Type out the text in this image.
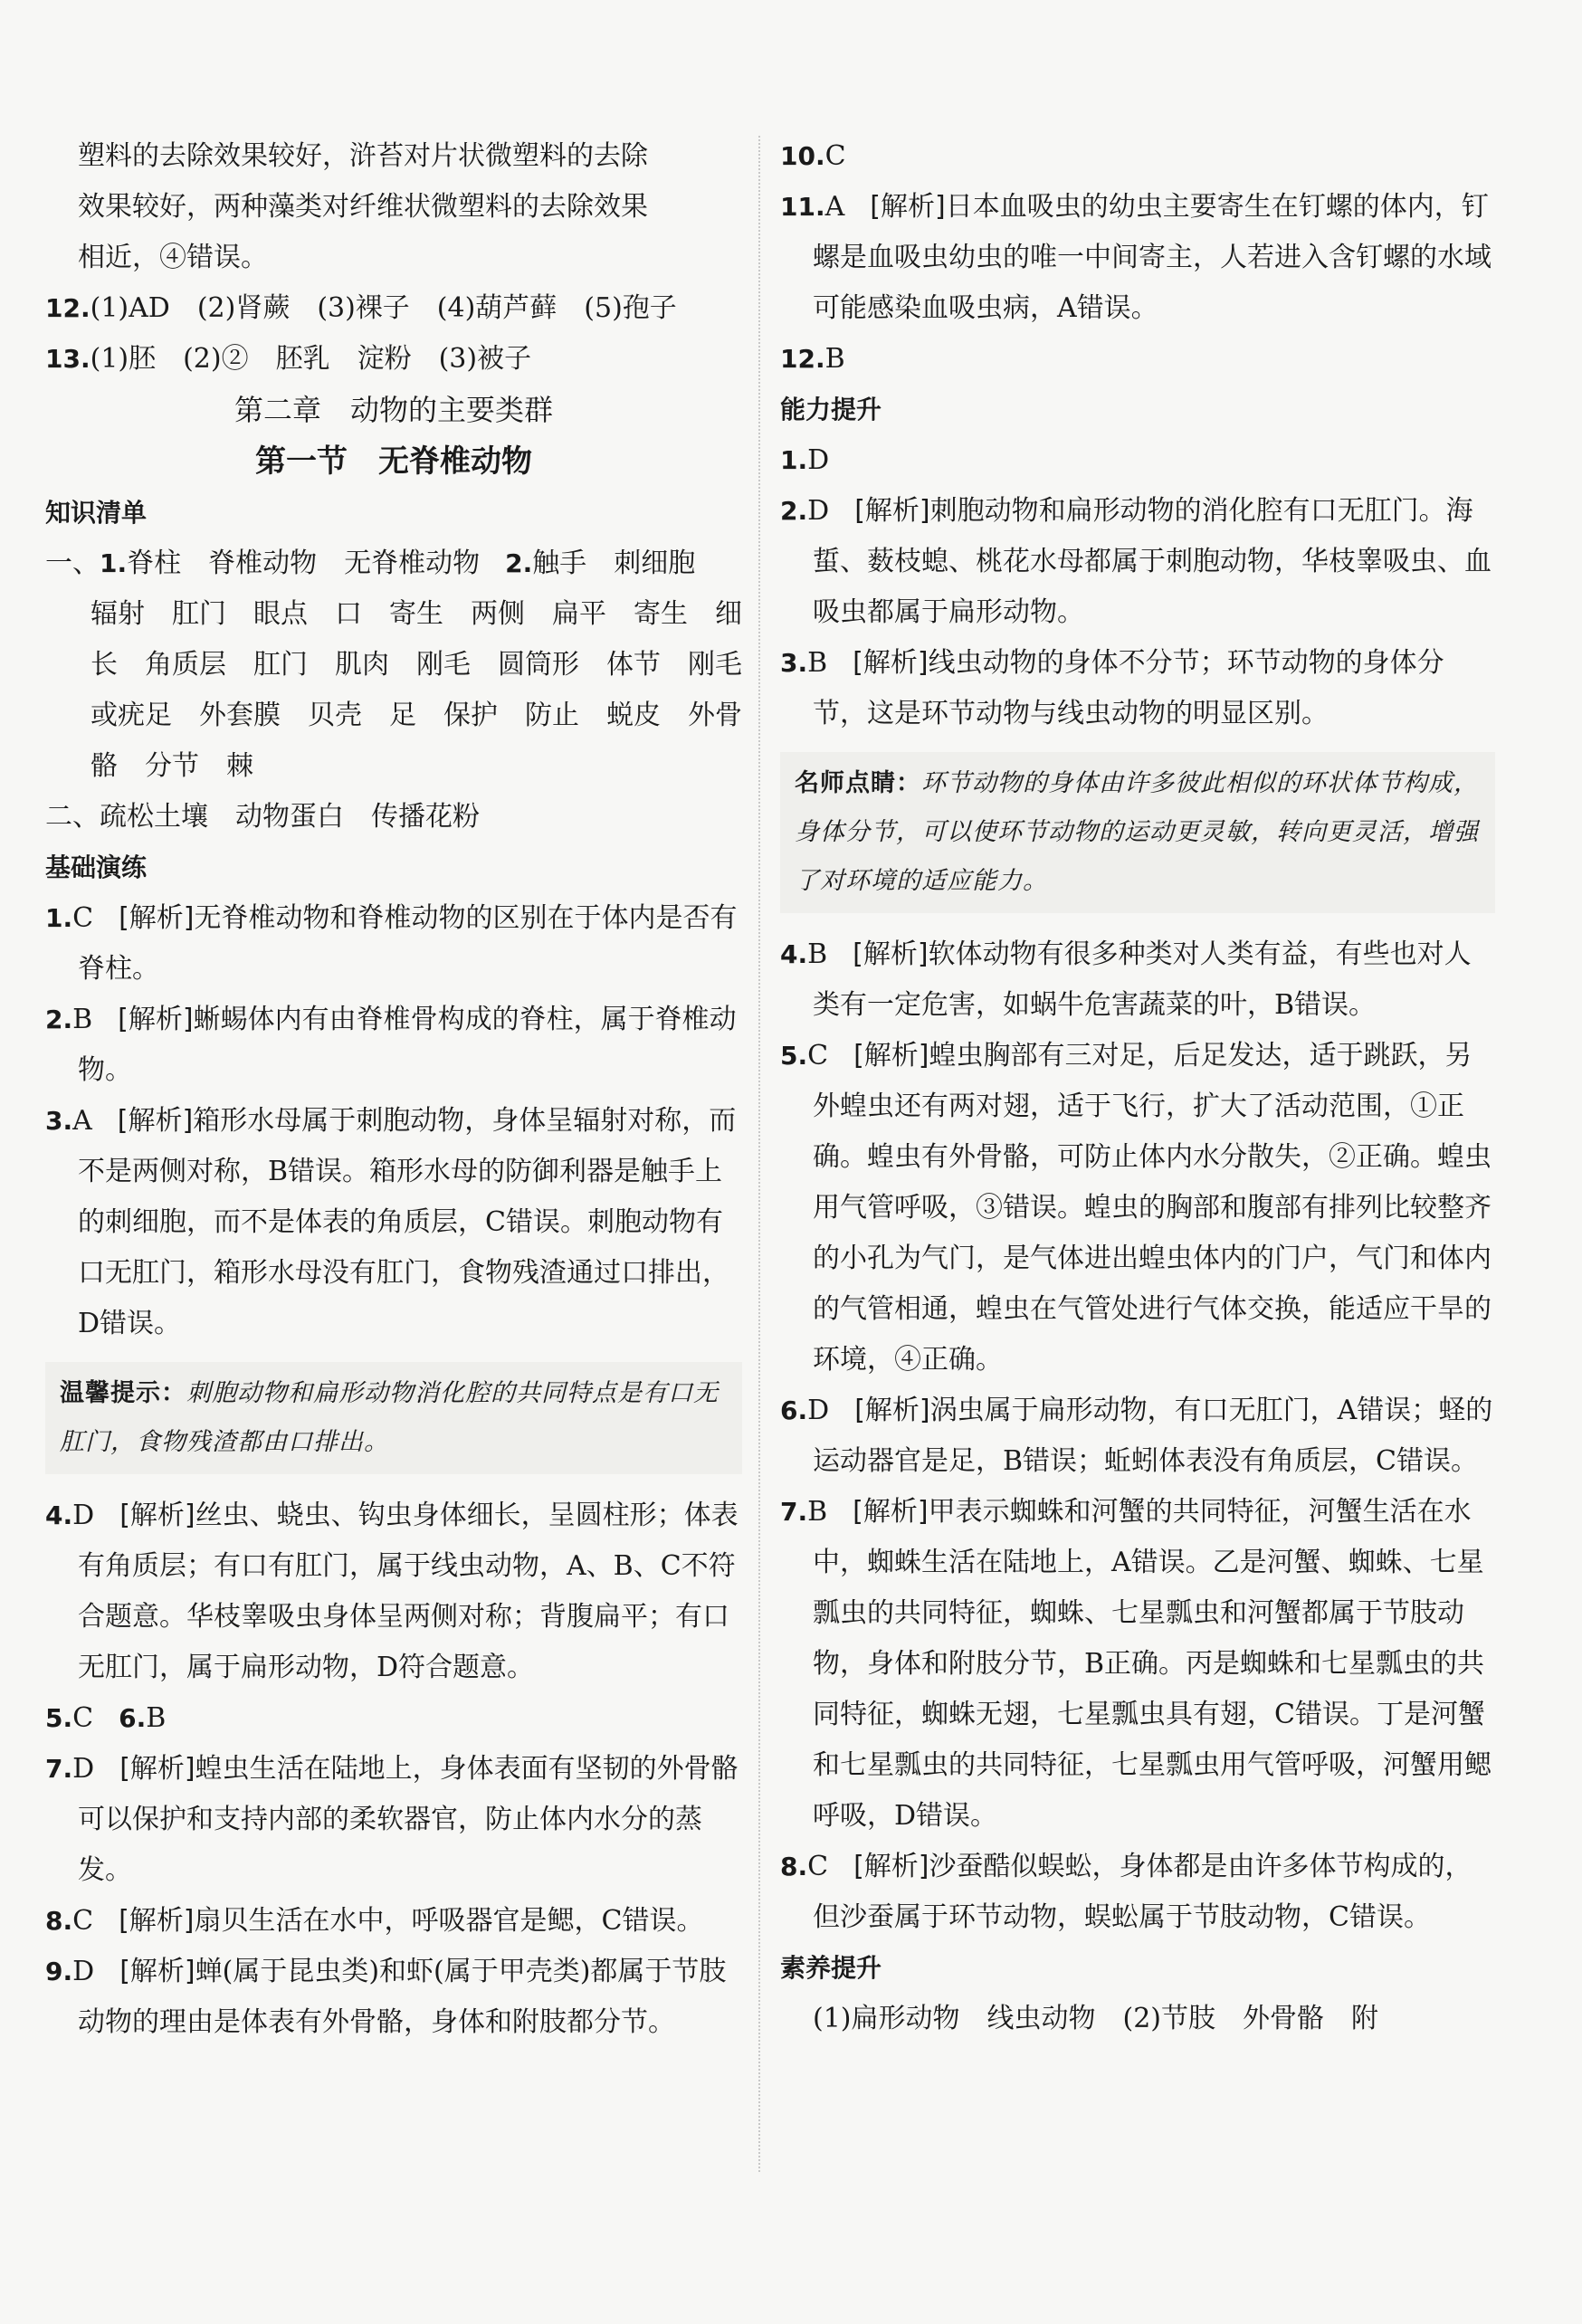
塑料的去除效果较好，浒苔对片状微塑料的去除

效果较好，两种藻类对纤维状微塑料的去除效果

相近，④错误。

12.(1)AD　(2)肾蕨　(3)裸子　(4)葫芦藓　(5)孢子

13.(1)胚　(2)②　胚乳　淀粉　(3)被子

第二章　动物的主要类群

第一节　无脊椎动物

知识清单

一、1.脊柱　脊椎动物　无脊椎动物 2.触手　刺细胞　辐射　肛门　眼点　口　寄生　两侧　扁平　寄生　细长　角质层　肛门　肌肉　刚毛　圆筒形　体节　刚毛或疣足　外套膜　贝壳　足　保护　防止　蜕皮　外骨骼　分节　棘

二、疏松土壤　动物蛋白　传播花粉

基础演练

1.C [解析]无脊椎动物和脊椎动物的区别在于体内是否有脊柱。

2.B [解析]蜥蜴体内有由脊椎骨构成的脊柱，属于脊椎动物。

3.A [解析]箱形水母属于刺胞动物，身体呈辐射对称，而不是两侧对称，B错误。箱形水母的防御利器是触手上的刺细胞，而不是体表的角质层，C错误。刺胞动物有口无肛门，箱形水母没有肛门，食物残渣通过口排出，D错误。

温馨提示：刺胞动物和扁形动物消化腔的共同特点是有口无肛门，食物残渣都由口排出。

4.D [解析]丝虫、蛲虫、钩虫身体细长，呈圆柱形；体表有角质层；有口有肛门，属于线虫动物，A、B、C不符合题意。华枝睾吸虫身体呈两侧对称；背腹扁平；有口无肛门，属于扁形动物，D符合题意。

5.C 6.B

7.D [解析]蝗虫生活在陆地上，身体表面有坚韧的外骨骼可以保护和支持内部的柔软器官，防止体内水分的蒸发。

8.C [解析]扇贝生活在水中，呼吸器官是鳃，C错误。

9.D [解析]蝉(属于昆虫类)和虾(属于甲壳类)都属于节肢动物的理由是体表有外骨骼，身体和附肢都分节。

10.C

11.A [解析]日本血吸虫的幼虫主要寄生在钉螺的体内，钉螺是血吸虫幼虫的唯一中间寄主，人若进入含钉螺的水域可能感染血吸虫病，A错误。

12.B

能力提升

1.D

2.D [解析]刺胞动物和扁形动物的消化腔有口无肛门。海蜇、薮枝螅、桃花水母都属于刺胞动物，华枝睾吸虫、血吸虫都属于扁形动物。

3.B [解析]线虫动物的身体不分节；环节动物的身体分节，这是环节动物与线虫动物的明显区别。

名师点睛：环节动物的身体由许多彼此相似的环状体节构成，身体分节，可以使环节动物的运动更灵敏，转向更灵活，增强了对环境的适应能力。

4.B [解析]软体动物有很多种类对人类有益，有些也对人类有一定危害，如蜗牛危害蔬菜的叶，B错误。

5.C [解析]蝗虫胸部有三对足，后足发达，适于跳跃，另外蝗虫还有两对翅，适于飞行，扩大了活动范围，①正确。蝗虫有外骨骼，可防止体内水分散失，②正确。蝗虫用气管呼吸，③错误。蝗虫的胸部和腹部有排列比较整齐的小孔为气门，是气体进出蝗虫体内的门户，气门和体内的气管相通，蝗虫在气管处进行气体交换，能适应干旱的环境，④正确。

6.D [解析]涡虫属于扁形动物，有口无肛门，A错误；蛏的运动器官是足，B错误；蚯蚓体表没有角质层，C错误。

7.B [解析]甲表示蜘蛛和河蟹的共同特征，河蟹生活在水中，蜘蛛生活在陆地上，A错误。乙是河蟹、蜘蛛、七星瓢虫的共同特征，蜘蛛、七星瓢虫和河蟹都属于节肢动物，身体和附肢分节，B正确。丙是蜘蛛和七星瓢虫的共同特征，蜘蛛无翅，七星瓢虫具有翅，C错误。丁是河蟹和七星瓢虫的共同特征，七星瓢虫用气管呼吸，河蟹用鳃呼吸，D错误。

8.C [解析]沙蚕酷似蜈蚣，身体都是由许多体节构成的，但沙蚕属于环节动物，蜈蚣属于节肢动物，C错误。

素养提升

(1)扁形动物　线虫动物　(2)节肢　外骨骼　附
